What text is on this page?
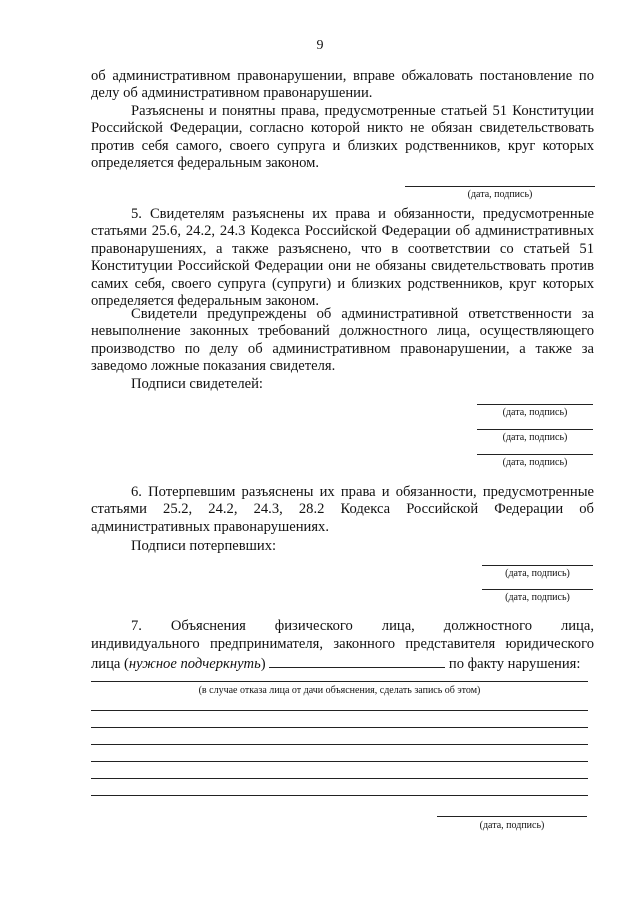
9
об административном правонарушении, вправе обжаловать постановление по делу об административном правонарушении.
Разъяснены и понятны права, предусмотренные статьей 51 Конституции Российской Федерации, согласно которой никто не обязан свидетельствовать против себя самого, своего супруга и близких родственников, круг которых определяется федеральным законом.
(дата, подпись)
5. Свидетелям разъяснены их права и обязанности, предусмотренные статьями 25.6, 24.2, 24.3 Кодекса Российской Федерации об административных правонарушениях, а также разъяснено, что в соответствии со статьей 51 Конституции Российской Федерации они не обязаны свидетельствовать против самих себя, своего супруга (супруги) и близких родственников, круг которых определяется федеральным законом.
Свидетели предупреждены об административной ответственности за невыполнение законных требований должностного лица, осуществляющего производство по делу об административном правонарушении, а также за заведомо ложные показания свидетеля.
Подписи свидетелей:
(дата, подпись)
(дата, подпись)
(дата, подпись)
6. Потерпевшим разъяснены их права и обязанности, предусмотренные статьями 25.2, 24.2, 24.3, 28.2 Кодекса Российской Федерации об административных правонарушениях.
Подписи потерпевших:
(дата, подпись)
(дата, подпись)
7. Объяснения физического лица, должностного лица,
индивидуального предпринимателя, законного представителя юридического
лица (нужное подчеркнуть)	по факту нарушения:
(в случае отказа лица от дачи объяснения, сделать запись об этом)
(дата, подпись)
